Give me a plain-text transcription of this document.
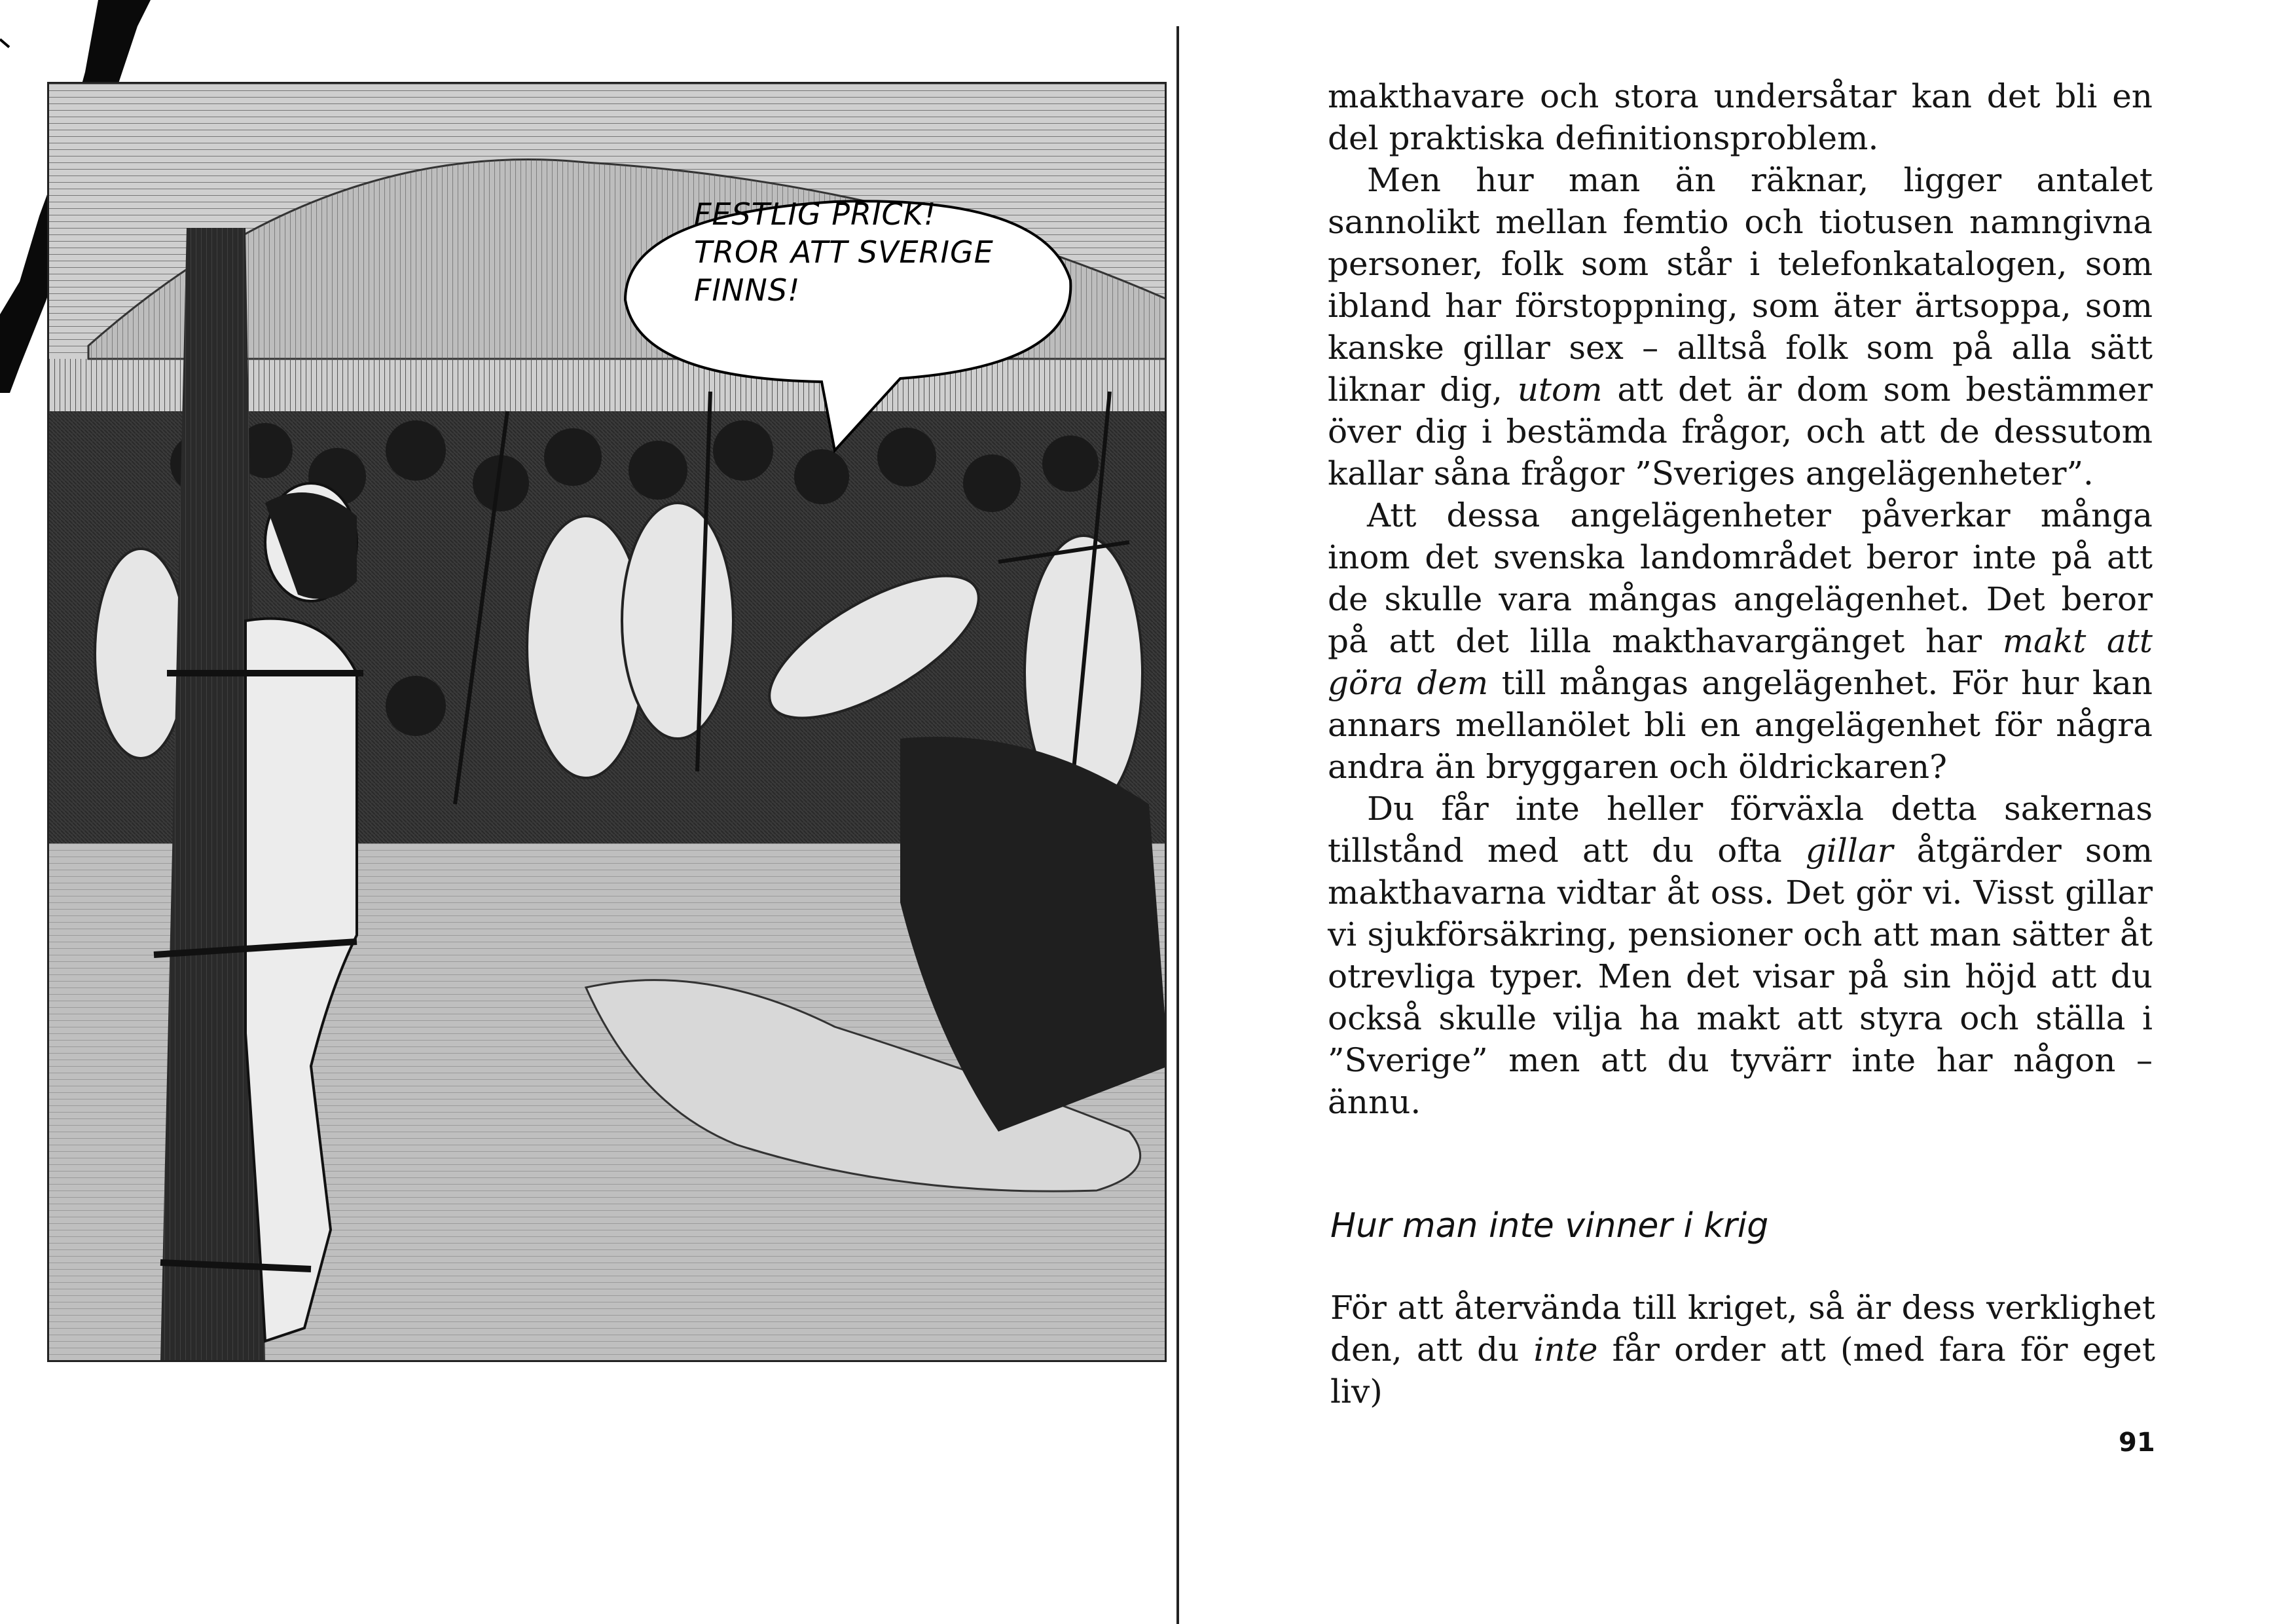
FESTLIG PRICK!
TROR ATT SVERIGE
FINNS!

makthavare och stora undersåtar kan det bli en del praktiska definitionsproblem.

Men hur man än räknar, ligger antalet sannolikt mellan femtio och tiotusen namngivna personer, folk som står i telefonkatalogen, som ibland har förstoppning, som äter ärtsoppa, som kanske gillar sex – alltså folk som på alla sätt liknar dig, utom att det är dom som bestämmer över dig i bestämda frågor, och att de dessutom kallar såna frågor ”Sveriges angelägenheter”.

Att dessa angelägenheter påverkar många inom det svenska landområdet beror inte på att de skulle vara mångas angelägenhet. Det beror på att det lilla makthavargänget har makt att göra dem till mångas angelägenhet. För hur kan annars mellanölet bli en angelägenhet för några andra än bryggaren och öldrickaren?

Du får inte heller förväxla detta sakernas tillstånd med att du ofta gillar åtgärder som makthavarna vidtar åt oss. Det gör vi. Visst gillar vi sjukförsäkring, pensioner och att man sätter åt otrevliga typer. Men det visar på sin höjd att du också skulle vilja ha makt att styra och ställa i ”Sverige” men att du tyvärr inte har någon – ännu.

Hur man inte vinner i krig

För att återvända till kriget, så är dess verklighet den, att du inte får order att (med fara för eget liv)

91
